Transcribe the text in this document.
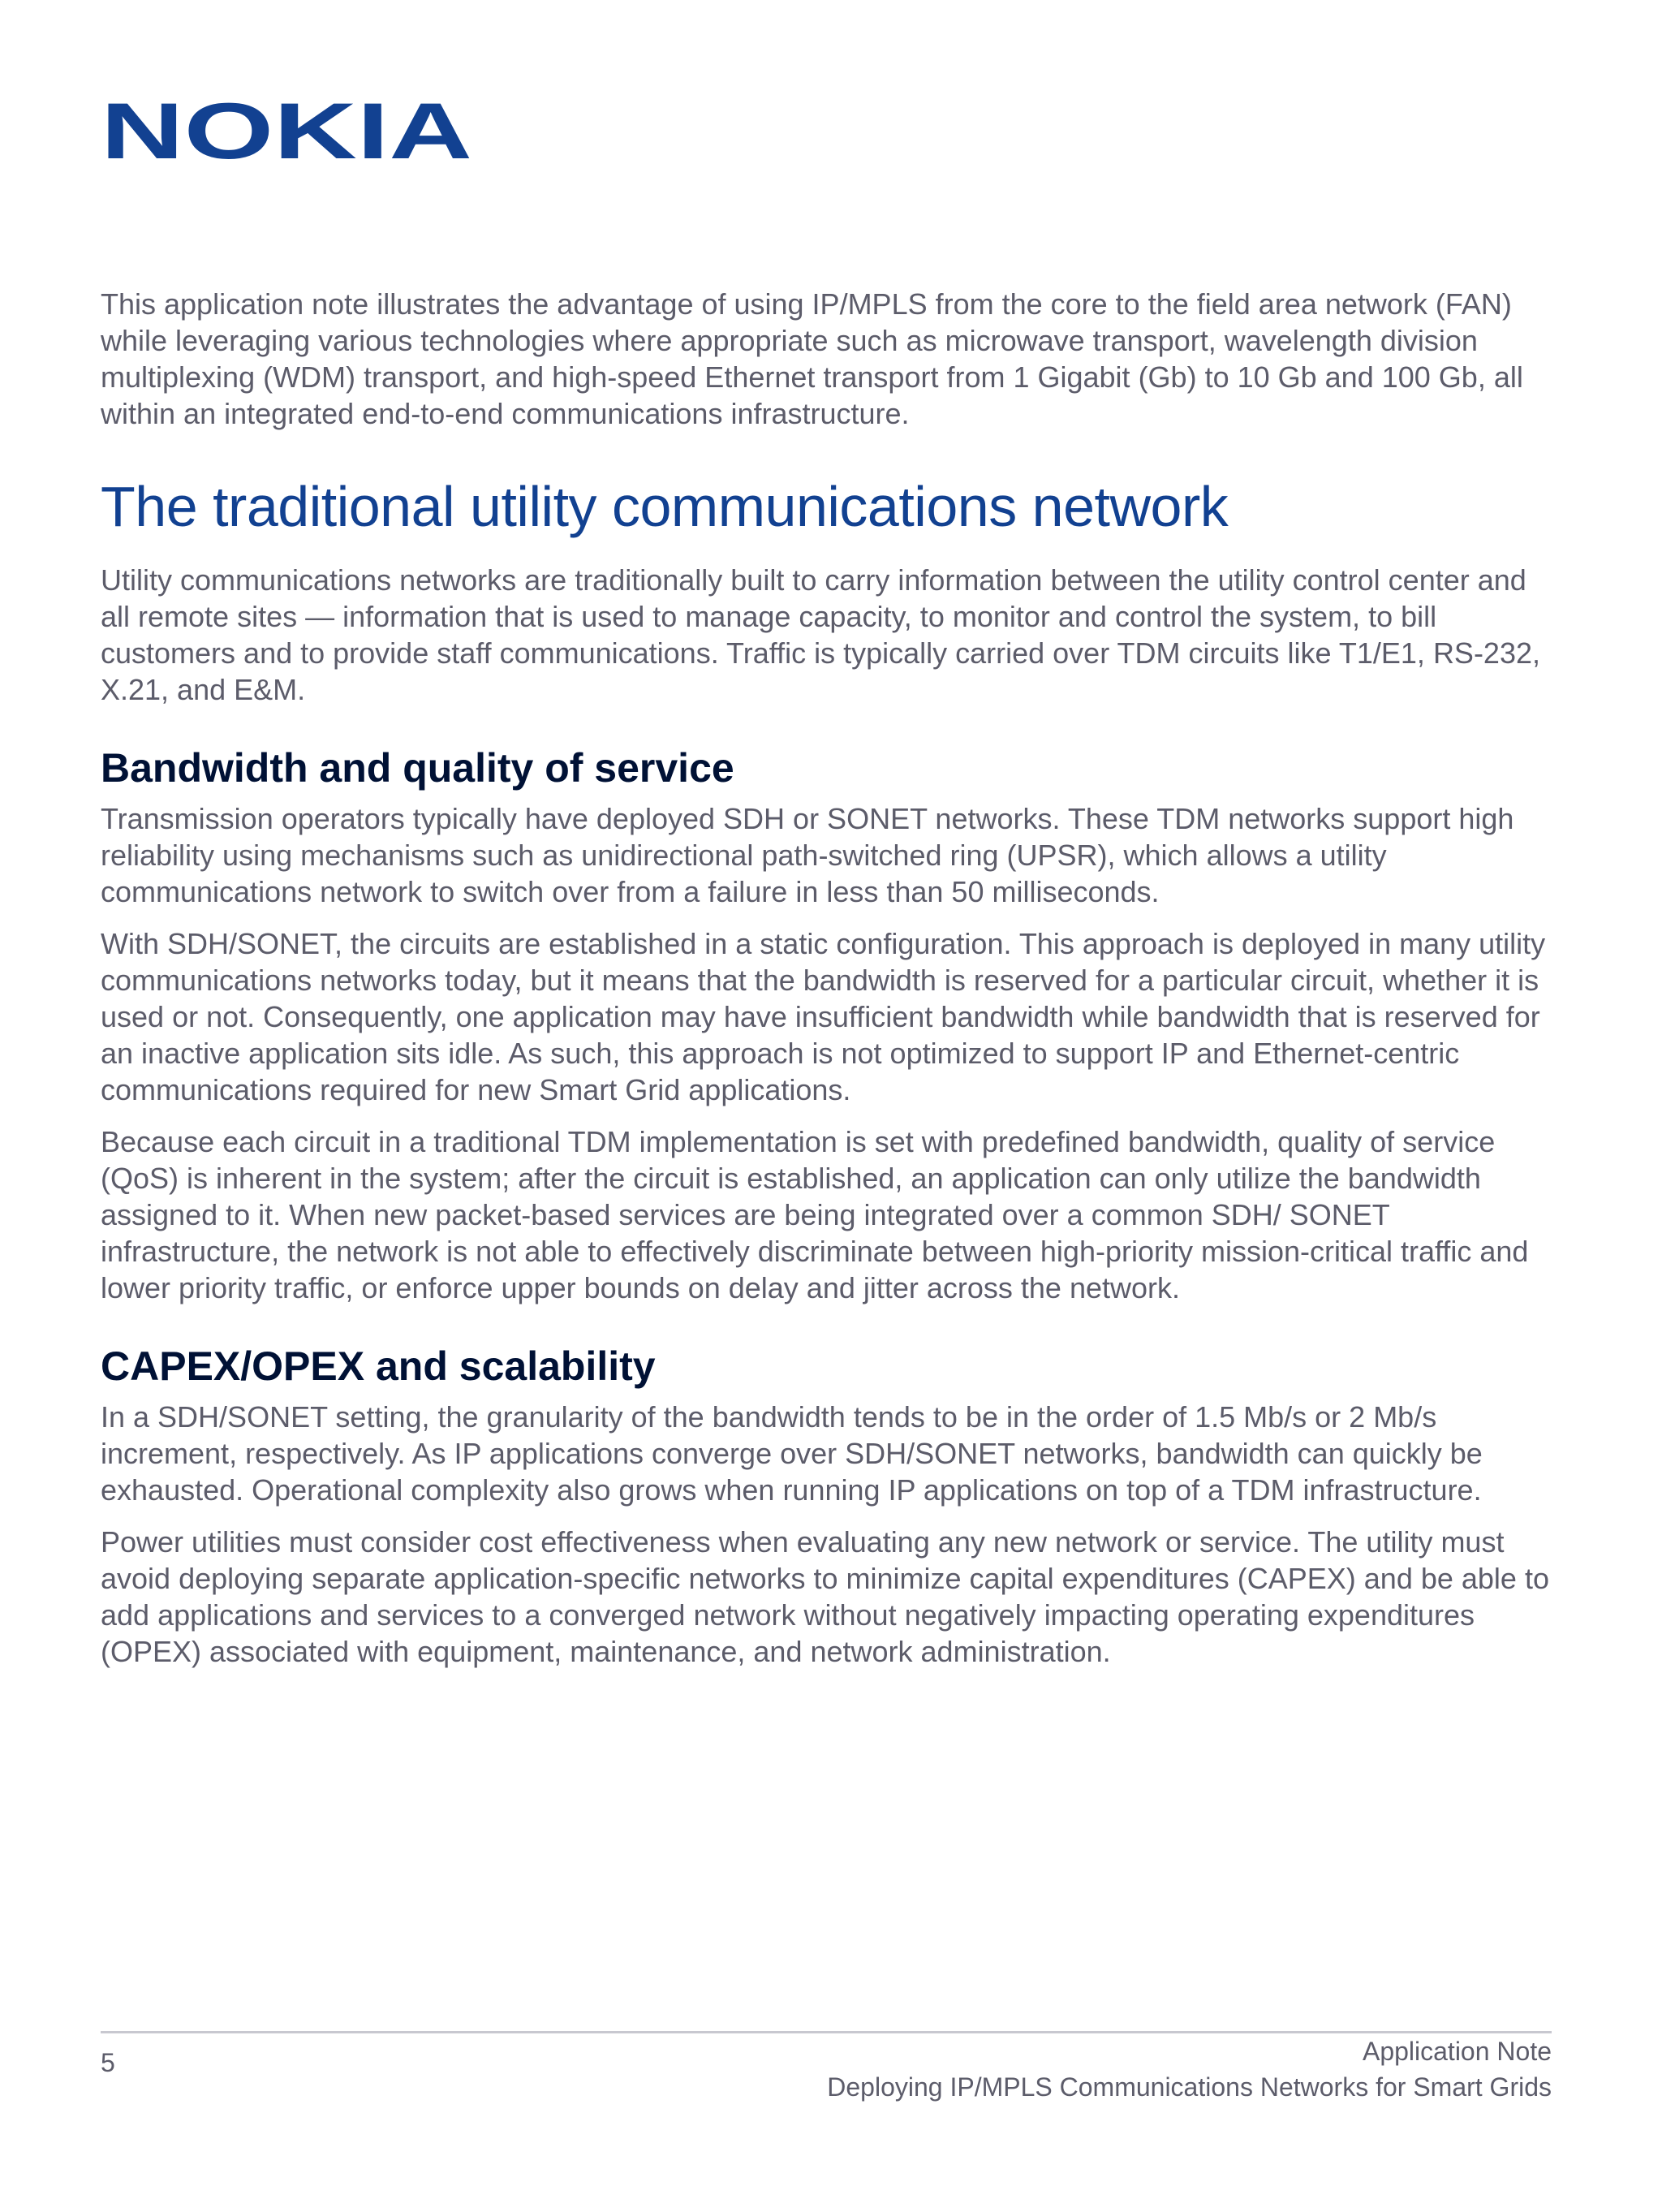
NOKIA

This application note illustrates the advantage of using IP/MPLS from the core to the field area network (FAN) while leveraging various technologies where appropriate such as microwave transport, wavelength division multiplexing (WDM) transport, and high-speed Ethernet transport from 1 Gigabit (Gb) to 10 Gb and 100 Gb, all within an integrated end-to-end communications infrastructure.

The traditional utility communications network

Utility communications networks are traditionally built to carry information between the utility control center and all remote sites — information that is used to manage capacity, to monitor and control the system, to bill customers and to provide staff communications. Traffic is typically carried over TDM circuits like T1/E1, RS-232, X.21, and E&M.

Bandwidth and quality of service

Transmission operators typically have deployed SDH or SONET networks. These TDM networks support high reliability using mechanisms such as unidirectional path-switched ring (UPSR), which allows a utility communications network to switch over from a failure in less than 50 milliseconds.

With SDH/SONET, the circuits are established in a static configuration. This approach is deployed in many utility communications networks today, but it means that the bandwidth is reserved for a particular circuit, whether it is used or not. Consequently, one application may have insufficient bandwidth while bandwidth that is reserved for an inactive application sits idle. As such, this approach is not optimized to support IP and Ethernet-centric communications required for new Smart Grid applications.

Because each circuit in a traditional TDM implementation is set with predefined bandwidth, quality of service (QoS) is inherent in the system; after the circuit is established, an application can only utilize the bandwidth assigned to it. When new packet-based services are being integrated over a common SDH/ SONET infrastructure, the network is not able to effectively discriminate between high-priority mission-critical traffic and lower priority traffic, or enforce upper bounds on delay and jitter across the network.

CAPEX/OPEX and scalability

In a SDH/SONET setting, the granularity of the bandwidth tends to be in the order of 1.5 Mb/s or 2 Mb/s increment, respectively. As IP applications converge over SDH/SONET networks, bandwidth can quickly be exhausted. Operational complexity also grows when running IP applications on top of a TDM infrastructure.

Power utilities must consider cost effectiveness when evaluating any new network or service. The utility must avoid deploying separate application-specific networks to minimize capital expenditures (CAPEX) and be able to add applications and services to a converged network without negatively impacting operating expenditures (OPEX) associated with equipment, maintenance, and network administration.

5	Application Note
Deploying IP/MPLS Communications Networks for Smart Grids
